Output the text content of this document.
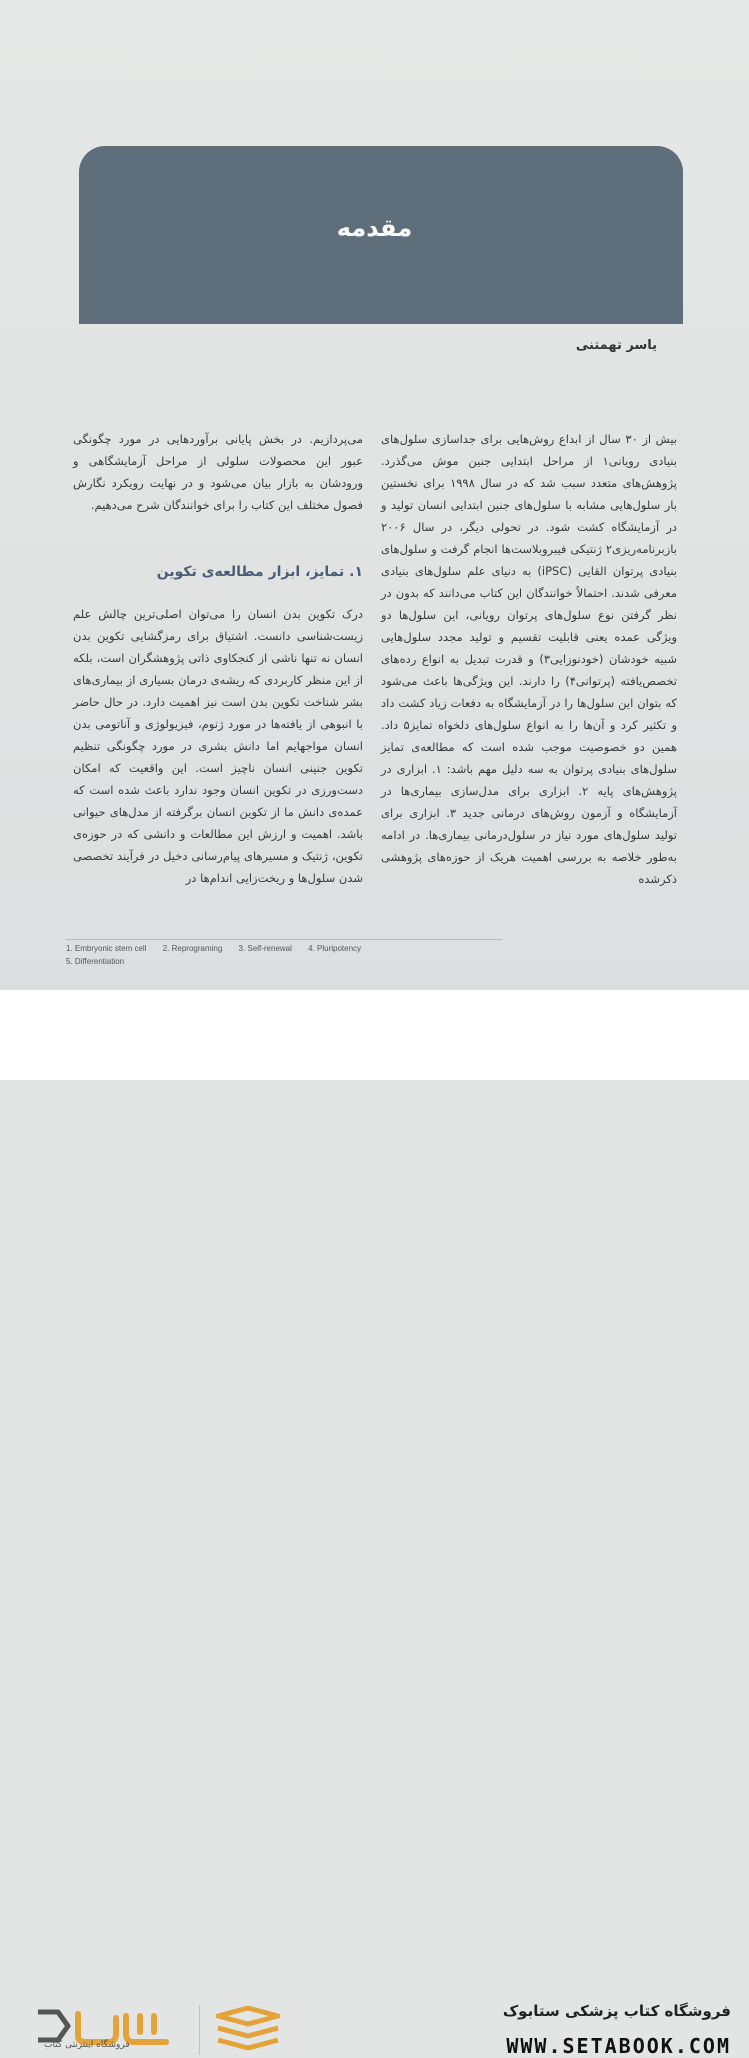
مقدمه
یاسر تهمتنی

بیش از ۳۰ سال از ابداع روش‌هایی برای جداسازی سلول‌های بنیادی رویانی۱ از مراحل ابتدایی جنین موش می‌گذرد. پژوهش‌های متعدد سبب شد که در سال ۱۹۹۸ برای نخستین بار سلول‌هایی مشابه با سلول‌های جنین ابتدایی انسان تولید و در آزمایشگاه کشت شود. در تحولی دیگر، در سال ۲۰۰۶ بازبرنامه‌ریزی۲ ژنتیکی فیبروبلاست‌ها انجام گرفت و سلول‌های بنیادی پرتوان القایی (iPSC) به دنیای علم سلول‌های بنیادی معرفی شدند. احتمالاً خوانندگان این کتاب می‌دانند که بدون در نظر گرفتن نوع سلول‌های پرتوان رویانی، این سلول‌ها دو ویژگی عمده یعنی قابلیت تقسیم و تولید مجدد سلول‌هایی شبیه خودشان (خودنوزایی۳) و قدرت تبدیل به انواع رده‌های تخصص‌یافته (پرتوانی۴) را دارند. این ویژگی‌ها باعث می‌شود که بتوان این سلول‌ها را در آزمایشگاه به دفعات زیاد کشت داد و تکثیر کرد و آن‌ها را به انواع سلول‌های دلخواه تمایز۵ داد. همین دو خصوصیت موجب شده است که مطالعه‌ی تمایز سلول‌های بنیادی پرتوان به سه دلیل مهم باشد: ۱. ابزاری در پژوهش‌های پایه ۲. ابزاری برای مدل‌سازی بیماری‌ها در آزمایشگاه و آزمون روش‌های درمانی جدید ۳. ابزاری برای تولید سلول‌های مورد نیاز در سلول‌درمانی بیماری‌ها. در ادامه به‌طور خلاصه به بررسی اهمیت هریک از حوزه‌های پژوهشی ذکرشده

می‌پردازیم. در بخش پایانی برآوردهایی در مورد چگونگی عبور این محصولات سلولی از مراحل آزمایشگاهی و ورودشان به بازار بیان می‌شود و در نهایت رویکرد نگارش فصول مختلف این کتاب را برای خوانندگان شرح می‌دهیم.

۱. تمایز، ابزار مطالعه‌ی تکوین

درک تکوین بدن انسان را می‌توان اصلی‌ترین چالش علم زیست‌شناسی دانست. اشتیاق برای رمزگشایی تکوین بدن انسان نه تنها ناشی از کنجکاوی ذاتی پژوهشگران است، بلکه از این منظر کاربردی که ریشه‌ی درمان بسیاری از بیماری‌های بشر شناخت تکوین بدن است نیز اهمیت دارد. در حال حاضر با انبوهی از یافته‌ها در مورد ژنوم، فیزیولوژی و آناتومی بدن انسان مواجهایم اما دانش بشری در مورد چگونگی تنظیم تکوین جنینی انسان ناچیز است. این واقعیت که امکان دست‌ورزی در تکوین انسان وجود ندارد باعث شده است که عمده‌ی دانش ما از تکوین انسان برگرفته از مدل‌های حیوانی باشد. اهمیت و ارزش این مطالعات و دانشی که در حوزه‌ی تکوین، ژنتیک و مسیرهای پیام‌رسانی دخیل در فرآیند تخصصی شدن سلول‌ها و ریخت‌زایی اندام‌ها در

1. Embryonic stem cell 2. Reprograming 3. Self-renewal 4. Pluripotency
5. Differentiation
فروشگاه اینترنتی کتاب
فروشگاه کتاب پزشکی ستابوک
WWW.SETABOOK.COM
